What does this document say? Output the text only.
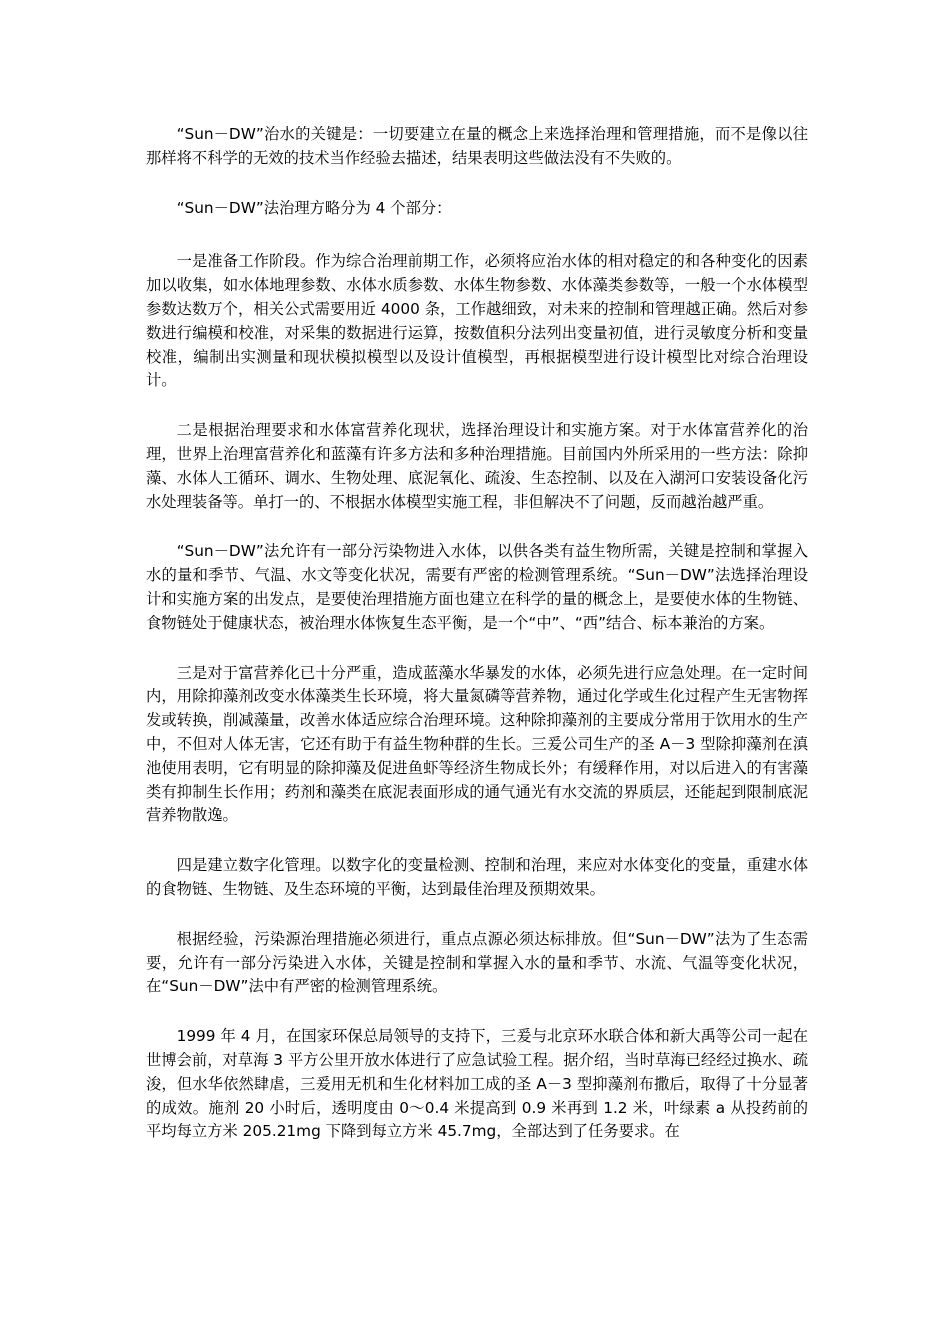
“Sun－DW”治水的关键是：一切要建立在量的概念上来选择治理和管理措施，而不是像以往那样将不科学的无效的技术当作经验去描述，结果表明这些做法没有不失败的。

“Sun－DW”法治理方略分为 4 个部分：

一是准备工作阶段。作为综合治理前期工作，必须将应治水体的相对稳定的和各种变化的因素加以收集，如水体地理参数、水体水质参数、水体生物参数、水体藻类参数等，一般一个水体模型参数达数万个，相关公式需要用近 4000 条，工作越细致，对未来的控制和管理越正确。然后对参数进行编模和校准，对采集的数据进行运算，按数值积分法列出变量初值，进行灵敏度分析和变量校准，编制出实测量和现状模拟模型以及设计值模型，再根据模型进行设计模型比对综合治理设计。

二是根据治理要求和水体富营养化现状，选择治理设计和实施方案。对于水体富营养化的治理，世界上治理富营养化和蓝藻有许多方法和多种治理措施。目前国内外所采用的一些方法：除抑藻、水体人工循环、调水、生物处理、底泥氧化、疏浚、生态控制、以及在入湖河口安装设备化污水处理装备等。单打一的、不根据水体模型实施工程，非但解决不了问题，反而越治越严重。

“Sun－DW”法允许有一部分污染物进入水体，以供各类有益生物所需，关键是控制和掌握入水的量和季节、气温、水文等变化状况，需要有严密的检测管理系统。“Sun－DW”法选择治理设计和实施方案的出发点，是要使治理措施方面也建立在科学的量的概念上，是要使水体的生物链、食物链处于健康状态，被治理水体恢复生态平衡，是一个“中”、“西”结合、标本兼治的方案。

三是对于富营养化已十分严重，造成蓝藻水华暴发的水体，必须先进行应急处理。在一定时间内，用除抑藻剂改变水体藻类生长环境，将大量氮磷等营养物，通过化学或生化过程产生无害物挥发或转换，削减藻量，改善水体适应综合治理环境。这种除抑藻剂的主要成分常用于饮用水的生产中，不但对人体无害，它还有助于有益生物种群的生长。三爰公司生产的圣 A－3 型除抑藻剂在滇池使用表明，它有明显的除抑藻及促进鱼虾等经济生物成长外；有缓释作用，对以后进入的有害藻类有抑制生长作用；药剂和藻类在底泥表面形成的通气通光有水交流的界质层，还能起到限制底泥营养物散逸。

四是建立数字化管理。以数字化的变量检测、控制和治理，来应对水体变化的变量，重建水体的食物链、生物链、及生态环境的平衡，达到最佳治理及预期效果。

根据经验，污染源治理措施必须进行，重点点源必须达标排放。但“Sun－DW”法为了生态需要，允许有一部分污染进入水体，关键是控制和掌握入水的量和季节、水流、气温等变化状况，在“Sun－DW”法中有严密的检测管理系统。

1999 年 4 月，在国家环保总局领导的支持下，三爰与北京环水联合体和新大禹等公司一起在世博会前，对草海 3 平方公里开放水体进行了应急试验工程。据介绍，当时草海已经经过换水、疏浚，但水华依然肆虐，三爰用无机和生化材料加工成的圣 A－3 型抑藻剂布撒后，取得了十分显著的成效。施剂 20 小时后，透明度由 0～0.4 米提高到 0.9 米再到 1.2 米，叶绿素 a 从投药前的平均每立方米 205.21mg 下降到每立方米 45.7mg，全部达到了任务要求。在
